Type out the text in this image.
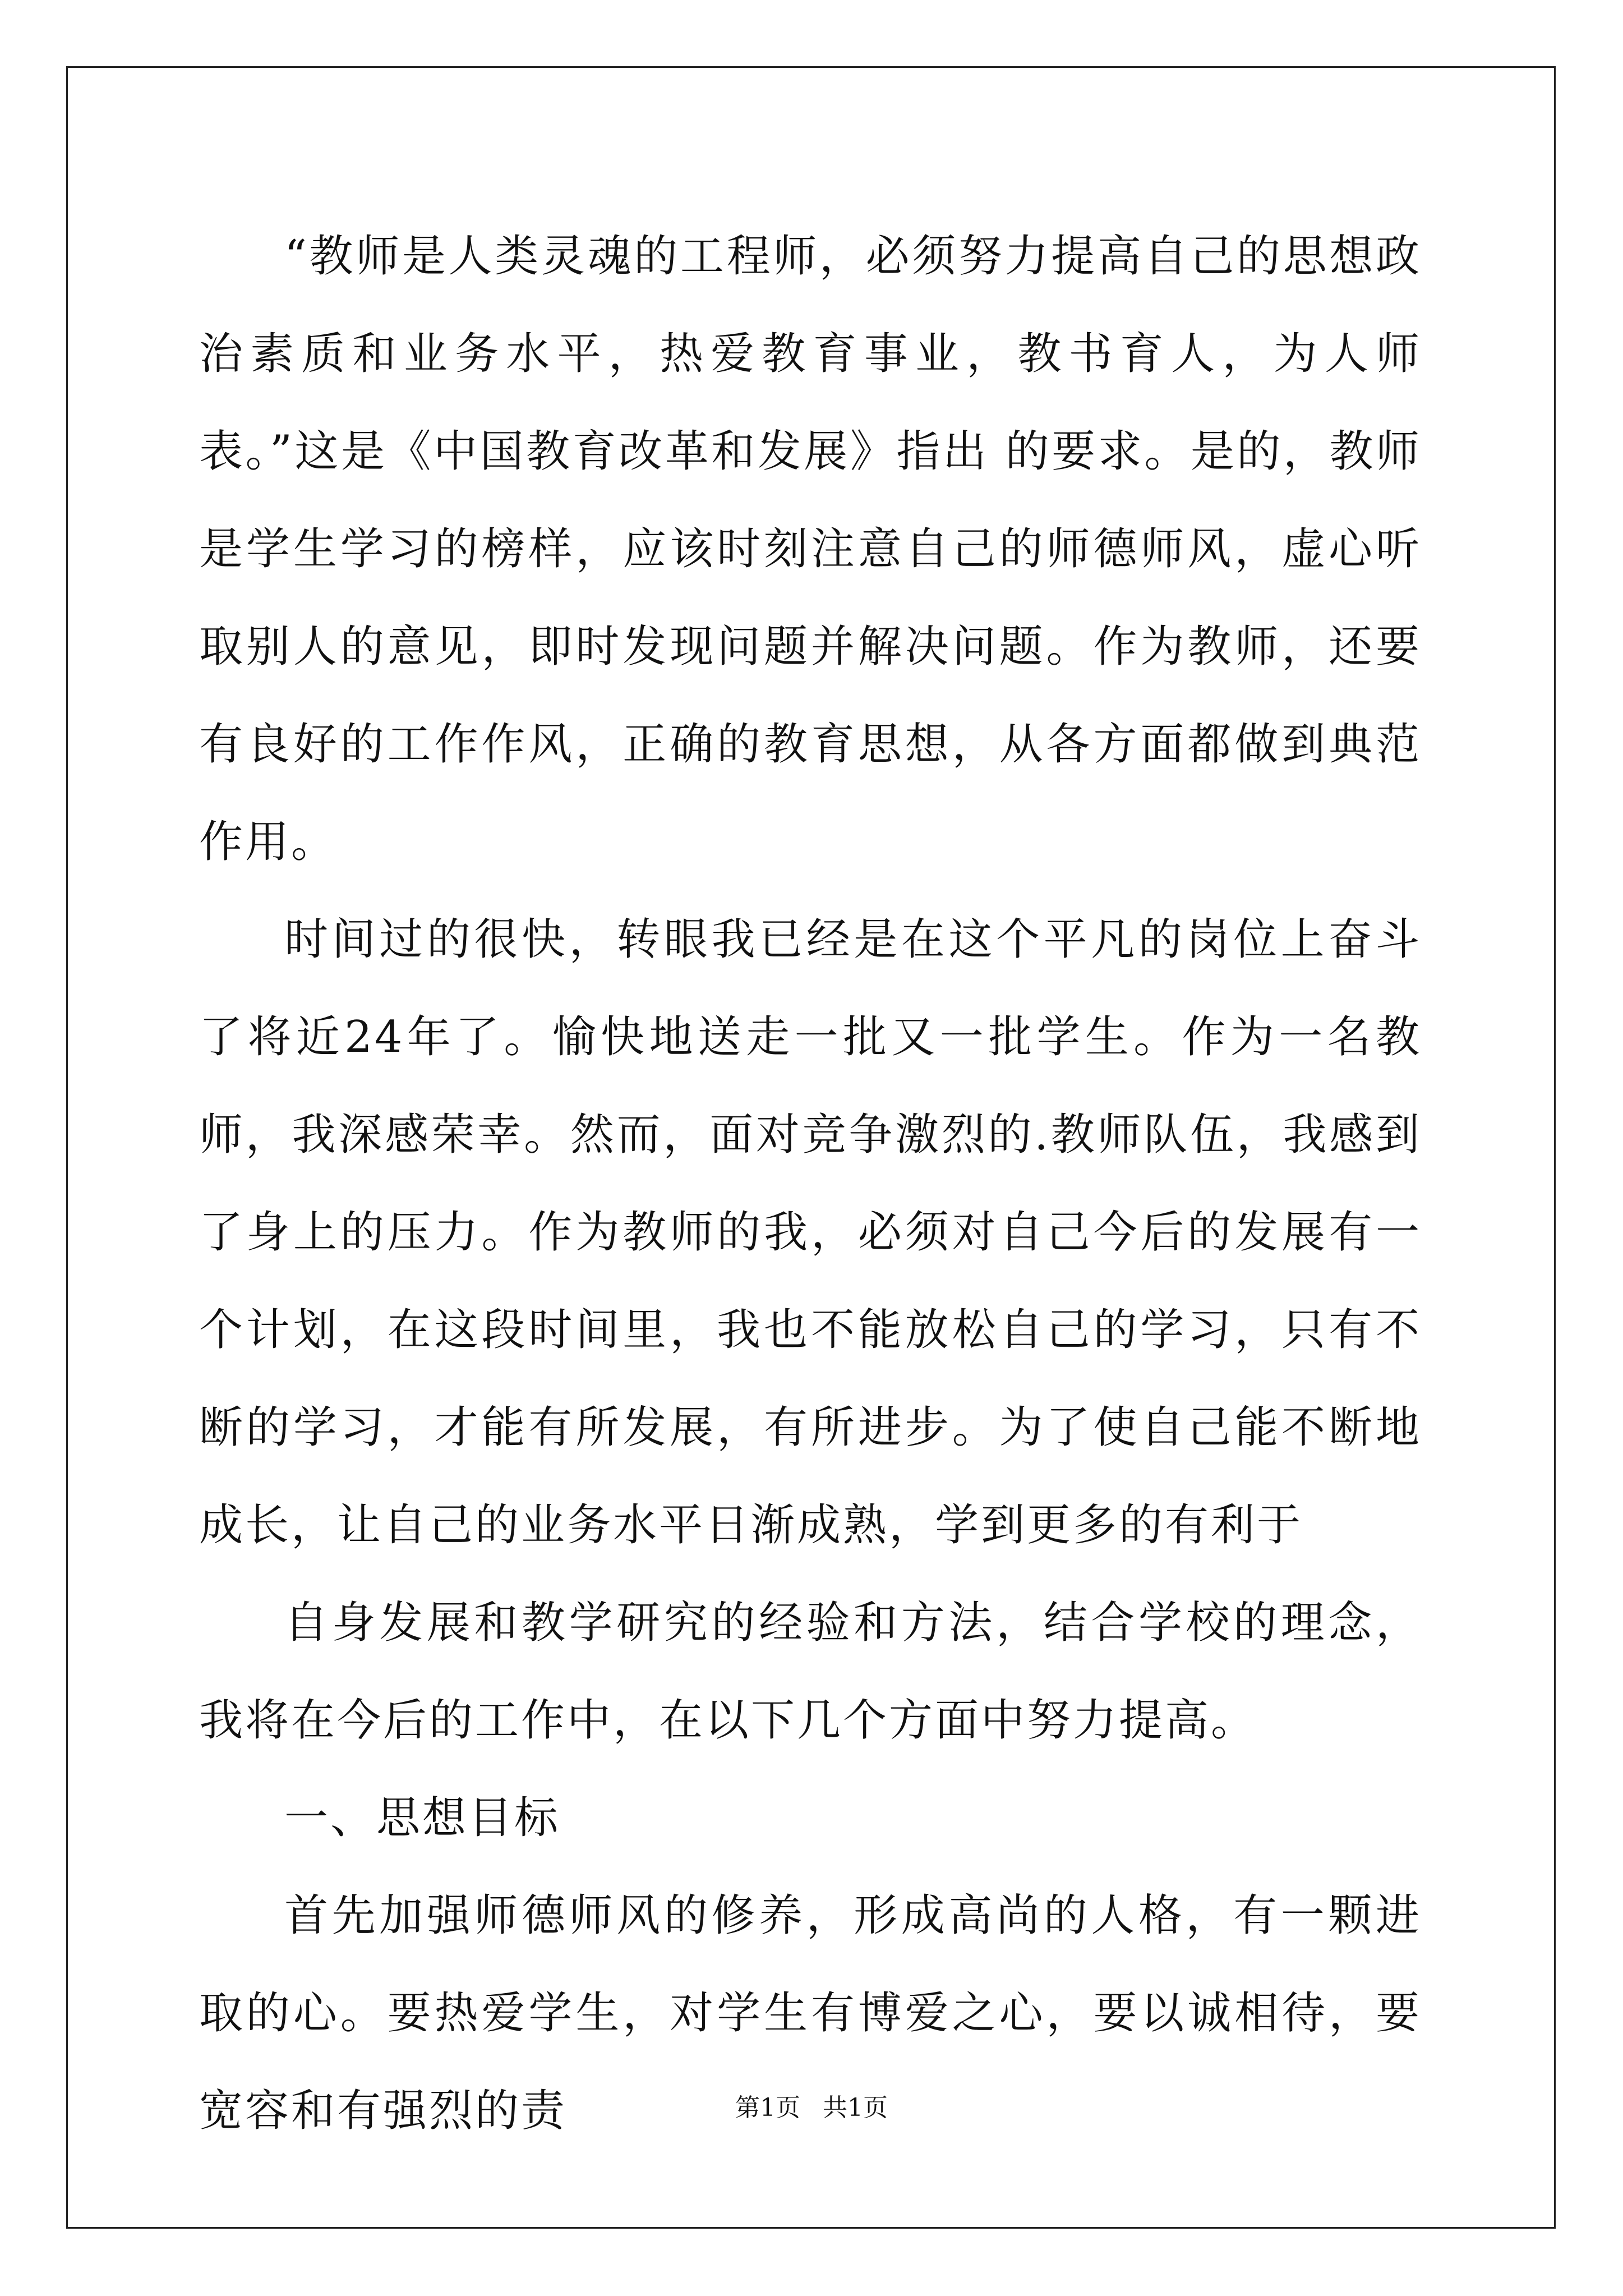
“教师是人类灵魂的工程师，必须努力提高自己的思想政治素质和业务水平，热爱教育事业，教书育人，为人师表。”这是《中国教育改革和发展》指出 的要求。是的，教师是学生学习的榜样，应该时刻注意自己的师德师风，虚心听取别人的意见，即时发现问题并解决问题。作为教师，还要有良好的工作作风，正确的教育思想，从各方面都做到典范作用。

时间过的很快，转眼我已经是在这个平凡的岗位上奋斗了将近24年了。愉快地送走一批又一批学生。作为一名教师，我深感荣幸。然而，面对竞争激烈的.教师队伍，我感到了身上的压力。作为教师的我，必须对自己今后的发展有一个计划，在这段时间里，我也不能放松自己的学习，只有不断的学习，才能有所发展，有所进步。为了使自己能不断地成长，让自己的业务水平日渐成熟，学到更多的有利于

自身发展和教学研究的经验和方法，结合学校的理念，我将在今后的工作中，在以下几个方面中努力提高。

一、思想目标

首先加强师德师风的修养，形成高尚的人格，有一颗进取的心。要热爱学生，对学生有博爱之心，要以诚相待，要宽容和有强烈的责	第1页 共1页
